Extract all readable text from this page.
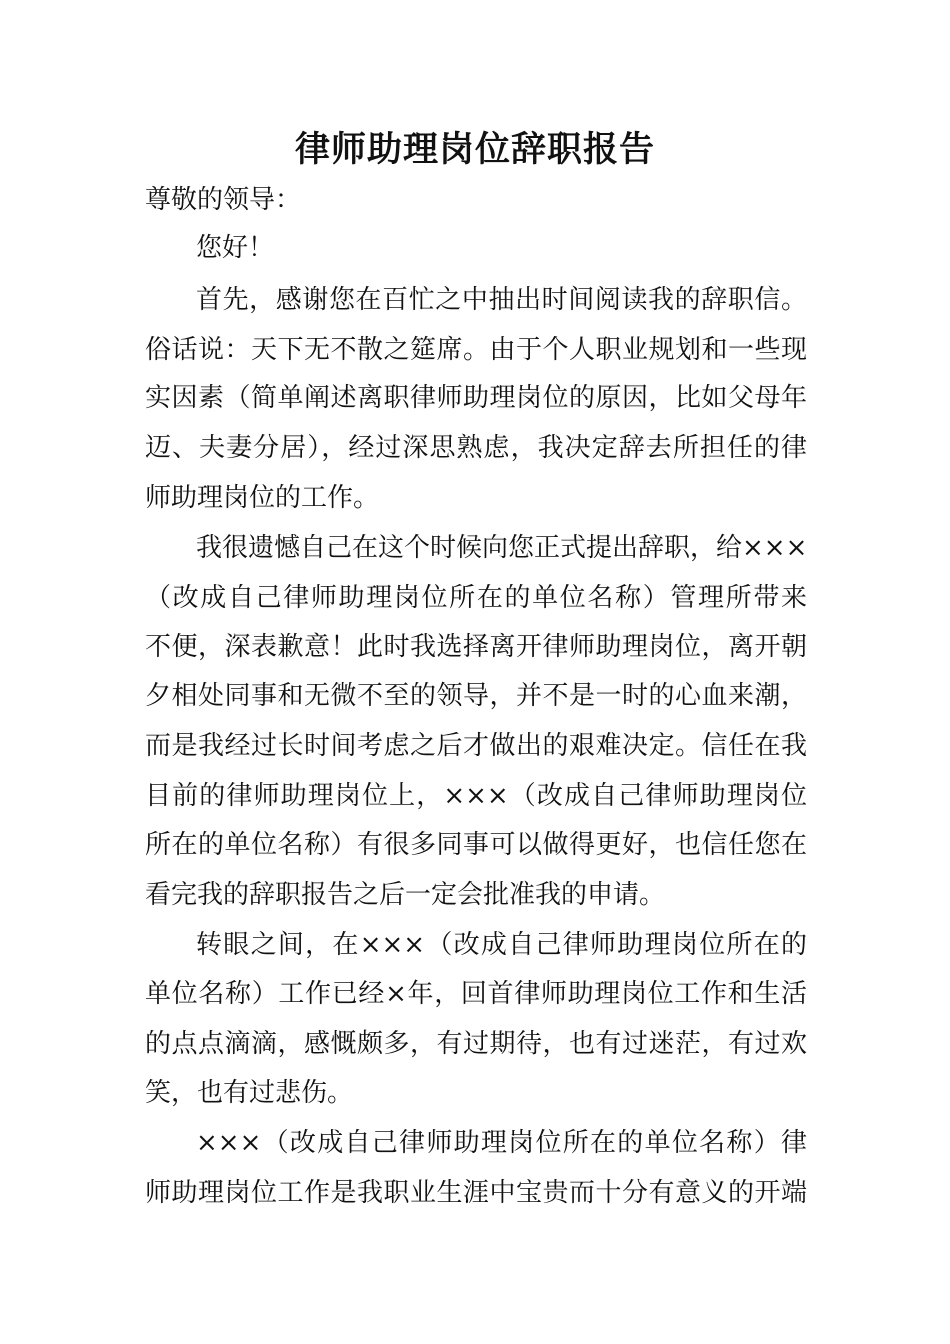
律师助理岗位辞职报告
尊敬的领导：
您好！
首先，感谢您在百忙之中抽出时间阅读我的辞职信。
俗话说：天下无不散之筵席。由于个人职业规划和一些现
实因素（简单阐述离职律师助理岗位的原因，比如父母年
迈、夫妻分居），经过深思熟虑，我决定辞去所担任的律
师助理岗位的工作。
我很遗憾自己在这个时候向您正式提出辞职，给×××
（改成自己律师助理岗位所在的单位名称）管理所带来
不便，深表歉意！此时我选择离开律师助理岗位，离开朝
夕相处同事和无微不至的领导，并不是一时的心血来潮，
而是我经过长时间考虑之后才做出的艰难决定。信任在我
目前的律师助理岗位上，×××（改成自己律师助理岗位
所在的单位名称）有很多同事可以做得更好，也信任您在
看完我的辞职报告之后一定会批准我的申请。
转眼之间，在×××（改成自己律师助理岗位所在的
单位名称）工作已经×年，回首律师助理岗位工作和生活
的点点滴滴，感慨颇多，有过期待，也有过迷茫，有过欢
笑，也有过悲伤。
×××（改成自己律师助理岗位所在的单位名称）律
师助理岗位工作是我职业生涯中宝贵而十分有意义的开端
